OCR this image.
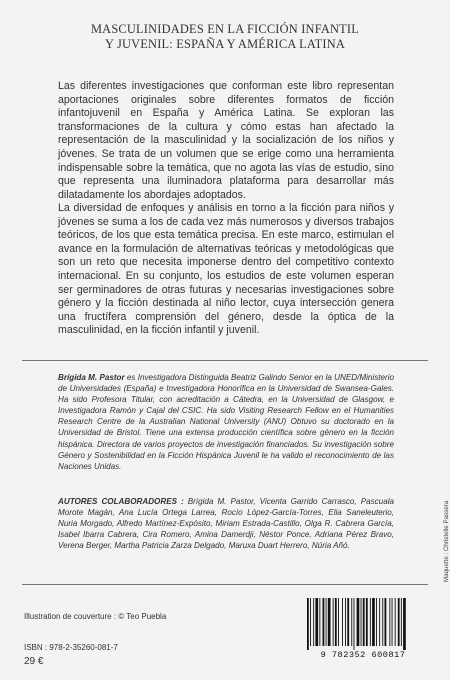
MASCULINIDADES EN LA FICCIÓN INFANTIL
Y JUVENIL: ESPAÑA Y AMÉRICA LATINA
Las diferentes investigaciones que conforman este libro representan aportaciones originales sobre diferentes formatos de ficción infantojuvenil en España y América Latina. Se exploran las transformaciones de la cultura y cómo estas han afectado la representación de la masculinidad y la socialización de los niños y jóvenes. Se trata de un volumen que se erige como una herramienta indispensable sobre la temática, que no agota las vías de estudio, sino que representa una iluminadora plataforma para desarrollar más dilatadamente los abordajes adoptados.
La diversidad de enfoques y análisis en torno a la ficción para niños y jóvenes se suma a los de cada vez más numerosos y diversos trabajos teóricos, de los que esta temática precisa. En este marco, estimulan el avance en la formulación de alternativas teóricas y metodológicas que son un reto que necesita imponerse dentro del competitivo contexto internacional. En su conjunto, los estudios de este volumen esperan ser germinadores de otras futuras y necesarias investigaciones sobre género y la ficción destinada al niño lector, cuya intersección genera una fructífera comprensión del género, desde la óptica de la masculinidad, en la ficción infantil y juvenil.
Brígida M. Pastor es Investigadora Distinguida Beatriz Galindo Senior en la UNED/Ministerio de Universidades (España) e Investigadora Honorífica en la Universidad de Swansea-Gales. Ha sido Profesora Titular, con acreditación a Cátedra, en la Universidad de Glasgow, e Investigadora Ramón y Cajal del CSIC. Ha sido Visiting Research Fellow en el Humanities Research Centre de la Australian National University (ANU) Obtuvo su doctorado en la Universidad de Bristol. Tiene una extensa producción científica sobre género en la ficción hispánica. Directora de varios proyectos de investigación financiados. Su investigación sobre Género y Sostenibilidad en la Ficción Hispánica Juvenil le ha valido el reconocimiento de las Naciones Unidas.
AUTORES COLABORADORES : Brígida M. Pastor, Vicenta Garrido Carrasco, Pascuala Morote Magán, Ana Lucía Ortega Larrea, Rocío López-García-Torres, Elia Saneleuterio, Nuria Morgado, Alfredo Martínez-Expósito, Miriam Estrada-Castillo, Olga R. Cabrera García, Isabel Ibarra Cabrera, Cira Romero, Amina Damerdji, Néstor Ponce, Adriana Pérez Bravo, Verena Berger, Martha Patricia Zarza Delgado, Maruxa Duart Herrero, Núria Añó.
Illustration de couverture : © Teo Puebla
ISBN : 978-2-35260-081-7
29 €
9 782352 600817
Maquette : Christelle Passera
